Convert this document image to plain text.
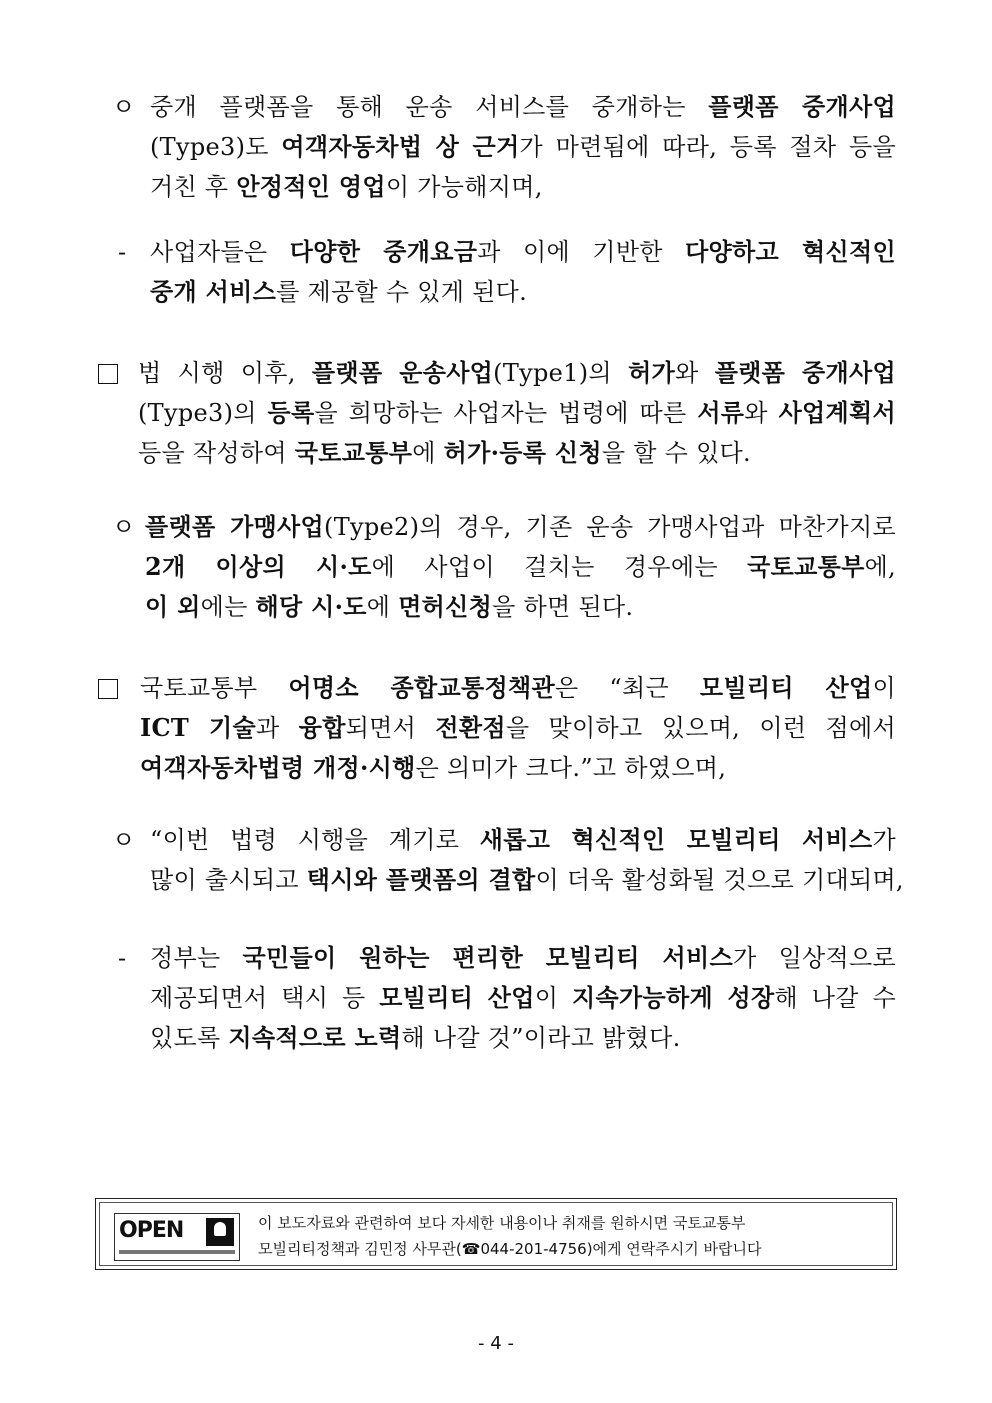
ㅇ 중개 플랫폼을 통해 운송 서비스를 중개하는 플랫폼 중개사업
(Type3)도 여객자동차법 상 근거가 마련됨에 따라, 등록 절차 등을
거친 후 안정적인 영업이 가능해지며,
- 사업자들은 다양한 중개요금과 이에 기반한 다양하고 혁신적인
중개 서비스를 제공할 수 있게 된다.
법 시행 이후, 플랫폼 운송사업(Type1)의 허가와 플랫폼 중개사업
(Type3)의 등록을 희망하는 사업자는 법령에 따른 서류와 사업계획서
등을 작성하여 국토교통부에 허가·등록 신청을 할 수 있다.
ㅇ 플랫폼 가맹사업(Type2)의 경우, 기존 운송 가맹사업과 마찬가지로
2개 이상의 시·도에 사업이 걸치는 경우에는 국토교통부에,
이 외에는 해당 시·도에 면허신청을 하면 된다.
국토교통부 어명소 종합교통정책관은 “최근 모빌리티 산업이
ICT 기술과 융합되면서 전환점을 맞이하고 있으며, 이런 점에서
여객자동차법령 개정·시행은 의미가 크다.”고 하였으며,
ㅇ “이번 법령 시행을 계기로 새롭고 혁신적인 모빌리티 서비스가
많이 출시되고 택시와 플랫폼의 결합이 더욱 활성화될 것으로 기대되며,
- 정부는 국민들이 원하는 편리한 모빌리티 서비스가 일상적으로
제공되면서 택시 등 모빌리티 산업이 지속가능하게 성장해 나갈 수
있도록 지속적으로 노력해 나갈 것”이라고 밝혔다.
OPEN	이 보도자료와 관련하여 보다 자세한 내용이나 취재를 원하시면 국토교통부
모빌리티정책과 김민정 사무관(☎044-201-4756)에게 연락주시기 바랍니다
- 4 -
